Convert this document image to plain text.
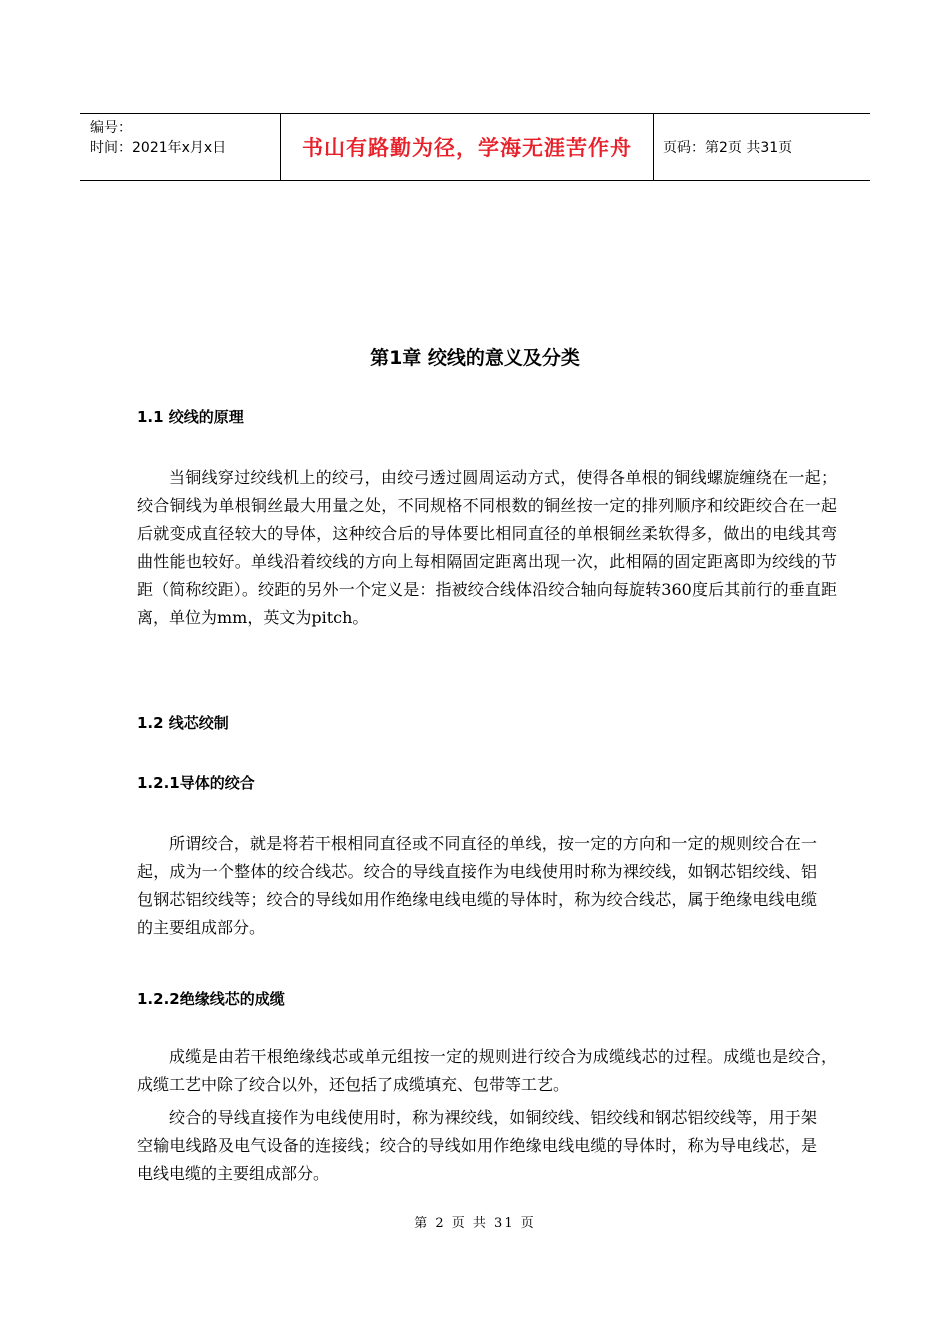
编号：
时间：2021年x月x日	书山有路勤为径，学海无涯苦作舟	页码：第2页 共31页
第1章 绞线的意义及分类
1.1 绞线的原理

当铜线穿过绞线机上的绞弓，由绞弓透过圆周运动方式，使得各单根的铜线螺旋缠绕在一起；绞合铜线为单根铜丝最大用量之处，不同规格不同根数的铜丝按一定的排列顺序和绞距绞合在一起后就变成直径较大的导体，这种绞合后的导体要比相同直径的单根铜丝柔软得多，做出的电线其弯曲性能也较好。单线沿着绞线的方向上每相隔固定距离出现一次，此相隔的固定距离即为绞线的节距（简称绞距）。绞距的另外一个定义是：指被绞合线体沿绞合轴向每旋转360度后其前行的垂直距离，单位为mm，英文为pitch。

1.2 线芯绞制
1.2.1导体的绞合

所谓绞合，就是将若干根相同直径或不同直径的单线，按一定的方向和一定的规则绞合在一起，成为一个整体的绞合线芯。绞合的导线直接作为电线使用时称为裸绞线，如钢芯铝绞线、铝包钢芯铝绞线等；绞合的导线如用作绝缘电线电缆的导体时，称为绞合线芯，属于绝缘电线电缆的主要组成部分。

1.2.2绝缘线芯的成缆

成缆是由若干根绝缘线芯或单元组按一定的规则进行绞合为成缆线芯的过程。成缆也是绞合，成缆工艺中除了绞合以外，还包括了成缆填充、包带等工艺。

绞合的导线直接作为电线使用时，称为裸绞线，如铜绞线、铝绞线和钢芯铝绞线等，用于架空输电线路及电气设备的连接线；绞合的导线如用作绝缘电线电缆的导体时，称为导电线芯，是电线电缆的主要组成部分。

第 2 页 共 31 页
